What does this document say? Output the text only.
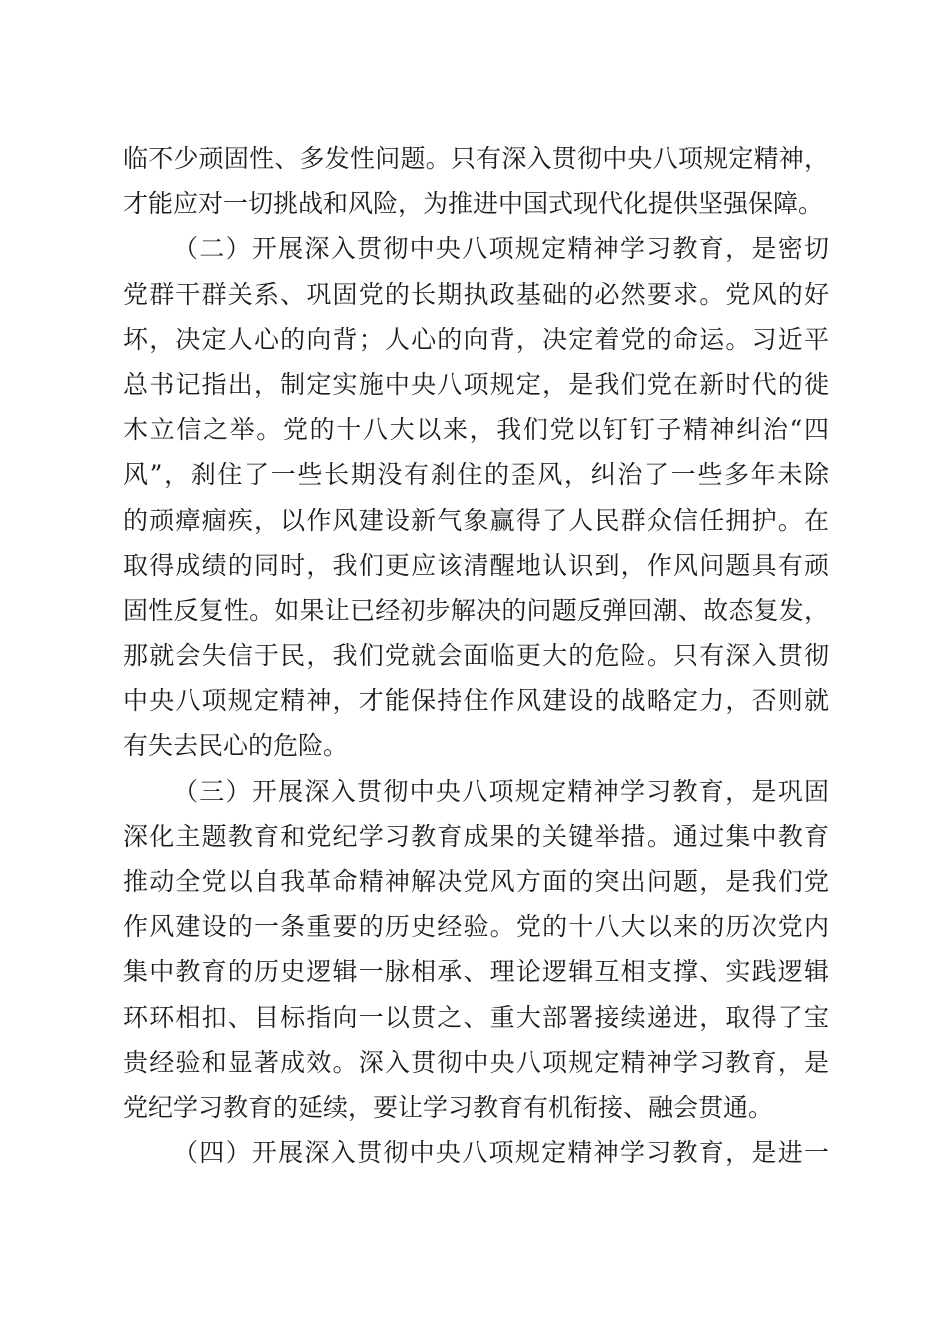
临不少顽固性、多发性问题。只有深入贯彻中央八项规定精神，
才能应对一切挑战和风险，为推进中国式现代化提供坚强保障。
（二）开展深入贯彻中央八项规定精神学习教育，是密切
党群干群关系、巩固党的长期执政基础的必然要求。党风的好
坏，决定人心的向背；人心的向背，决定着党的命运。习近平
总书记指出，制定实施中央八项规定，是我们党在新时代的徙
木立信之举。党的十八大以来，我们党以钉钉子精神纠治“四
风”，刹住了一些长期没有刹住的歪风，纠治了一些多年未除
的顽瘴痼疾，以作风建设新气象赢得了人民群众信任拥护。在
取得成绩的同时，我们更应该清醒地认识到，作风问题具有顽
固性反复性。如果让已经初步解决的问题反弹回潮、故态复发，
那就会失信于民，我们党就会面临更大的危险。只有深入贯彻
中央八项规定精神，才能保持住作风建设的战略定力，否则就
有失去民心的危险。
（三）开展深入贯彻中央八项规定精神学习教育，是巩固
深化主题教育和党纪学习教育成果的关键举措。通过集中教育
推动全党以自我革命精神解决党风方面的突出问题，是我们党
作风建设的一条重要的历史经验。党的十八大以来的历次党内
集中教育的历史逻辑一脉相承、理论逻辑互相支撑、实践逻辑
环环相扣、目标指向一以贯之、重大部署接续递进，取得了宝
贵经验和显著成效。深入贯彻中央八项规定精神学习教育，是
党纪学习教育的延续，要让学习教育有机衔接、融会贯通。
（四）开展深入贯彻中央八项规定精神学习教育，是进一
